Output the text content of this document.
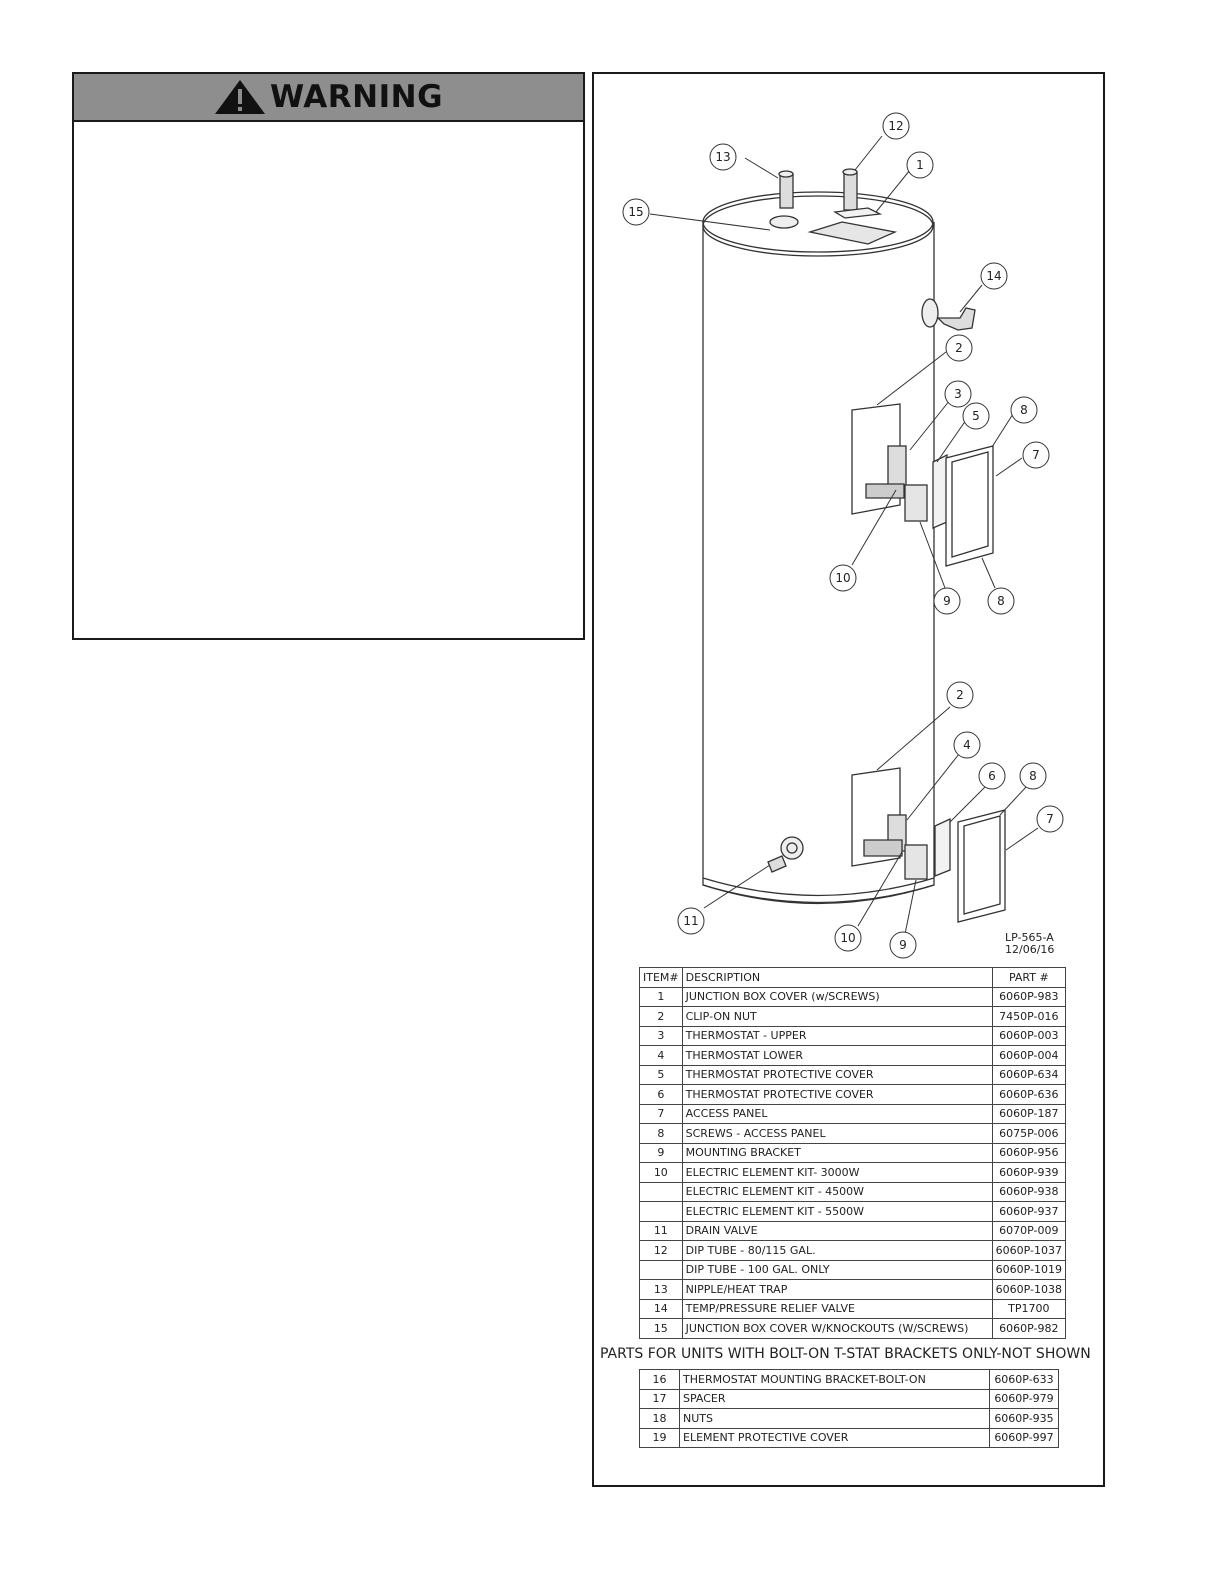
WARNING
12
13
1
15
14
2
3
5	8
7
10
9	8
2
4
6	8
7
11
10	9
LP-565-A
12/06/16
ITEM#	DESCRIPTION	PART #
1	JUNCTION BOX COVER (w/SCREWS)	6060P-983
2	CLIP-ON NUT	7450P-016
3	THERMOSTAT - UPPER	6060P-003
4	THERMOSTAT LOWER	6060P-004
5	THERMOSTAT PROTECTIVE COVER	6060P-634
6	THERMOSTAT PROTECTIVE COVER	6060P-636
7	ACCESS PANEL	6060P-187
8	SCREWS - ACCESS PANEL	6075P-006
9	MOUNTING BRACKET	6060P-956
10	ELECTRIC ELEMENT KIT- 3000W	6060P-939
	ELECTRIC ELEMENT KIT - 4500W	6060P-938
	ELECTRIC ELEMENT KIT - 5500W	6060P-937
11	DRAIN VALVE	6070P-009
12	DIP TUBE - 80/115 GAL.	6060P-1037
	DIP TUBE - 100 GAL. ONLY	6060P-1019
13	NIPPLE/HEAT TRAP	6060P-1038
14	TEMP/PRESSURE RELIEF VALVE	TP1700
15	JUNCTION BOX COVER W/KNOCKOUTS (W/SCREWS)	6060P-982
PARTS FOR UNITS WITH BOLT-ON T-STAT BRACKETS ONLY-NOT SHOWN
16	THERMOSTAT MOUNTING BRACKET-BOLT-ON	6060P-633
17	SPACER	6060P-979
18	NUTS	6060P-935
19	ELEMENT PROTECTIVE COVER	6060P-997
